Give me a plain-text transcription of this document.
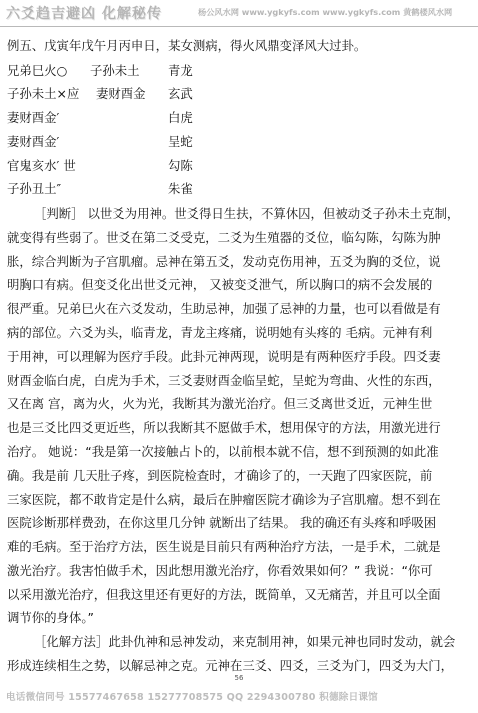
六爻趋吉避凶 化解秘传	杨公风水网 www.ygkyfs.com www.ygkyfs.com 黄鹤楼风水网
例五、戊寅年戊午月丙申日，某女测病，得火风鼎变泽风大过卦。
兄弟巳火○ 子孙未土 青龙
子孙未土×应 妻财酉金 玄武
妻财酉金′	白虎
妻财酉金′	呈蛇
官鬼亥水′ 世	勾陈
子孙丑土″	朱雀
［判断］ 以世爻为用神。世爻得日生扶，不算休囚，但被动爻子孙未土克制，
就变得有些弱了。世爻在第二爻受克，二爻为生殖器的爻位，临勾陈，勾陈为肿
胀，综合判断为子宫肌瘤。忌神在第五爻，发动克伤用神，五爻为胸的爻位，说
明胸口有病。但变爻化出世爻元神， 又被变爻泄气，所以胸口的病不会发展的
很严重。兄弟巳火在六爻发动，生助忌神，加强了忌神的力量，也可以看做是有
病的部位。六爻为头，临青龙，青龙主疼痛，说明她有头疼的 毛病。元神有利
于用神，可以理解为医疗手段。此卦元神两现，说明是有两种医疗手段。四爻妻
财酉金临白虎，白虎为手术，三爻妻财酉金临呈蛇，呈蛇为弯曲、火性的东西，
又在离 宫，离为火，火为光，我断其为激光治疗。但三爻离世爻近，元神生世
也是三爻比四爻更近些，所以我断其不愿做手术，想用保守的方法，用激光进行
治疗。 她说：“我是第一次接触占卜的，以前根本就不信，想不到预测的如此准
确。我是前 几天肚子疼，到医院检查时，才确诊了的，一天跑了四家医院，前
三家医院，都不敢肯定是什么病，最后在肿瘤医院才确诊为子宫肌瘤。想不到在
医院诊断那样费劲，在你这里几分钟 就断出了结果。 我的确还有头疼和呼吸困
难的毛病。至于治疗方法，医生说是目前只有两种治疗方法，一是手术，二就是
激光治疗。我害怕做手术，因此想用激光治疗，你看效果如何？” 我说：“你可
以采用激光治疗，但我这里还有更好的方法，既简单，又无痛苦，并且可以全面
调节你的身体。”
［化解方法］此卦仇神和忌神发动，来克制用神，如果元神也同时发动，就会
形成连续相生之势，以解忌神之克。元神在三爻、四爻，三爻为门，四爻为大门，
56
电话微信同号 15577467658 15277708575 QQ 2294300780 积德除日课馆
